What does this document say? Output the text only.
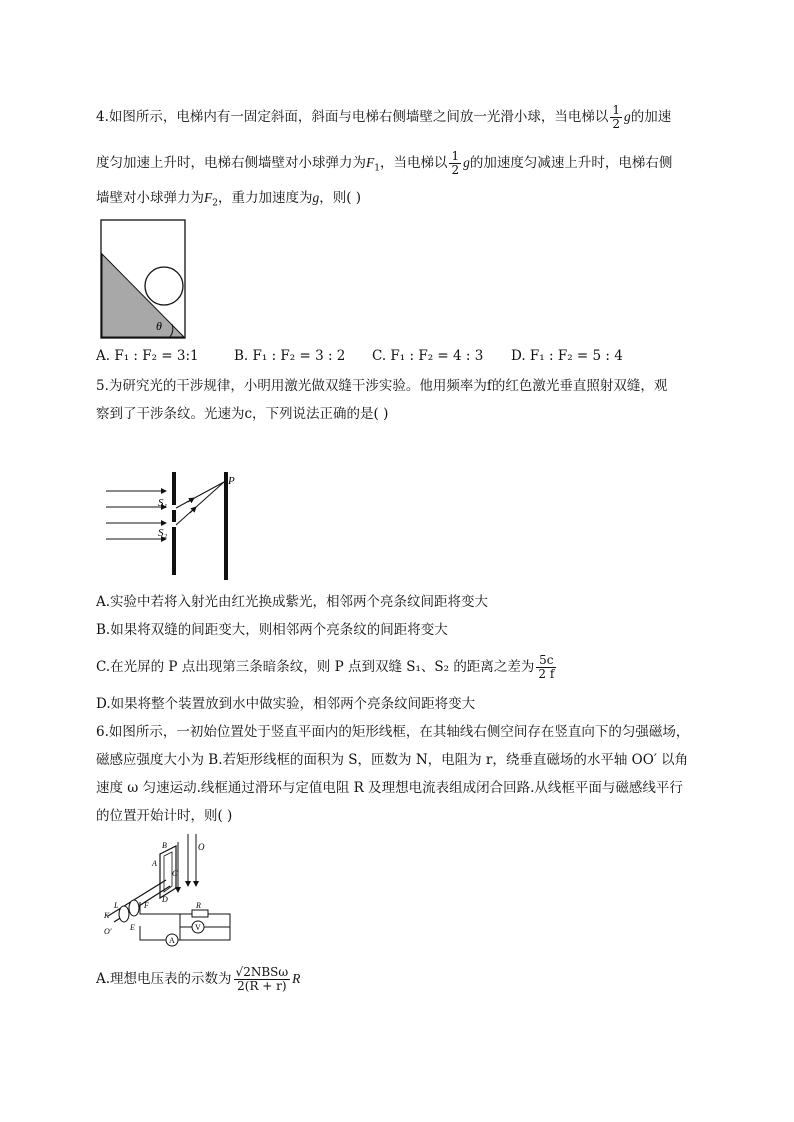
4.如图所示，电梯内有一固定斜面，斜面与电梯右侧墙壁之间放一光滑小球，当电梯以 $\frac{1}{2}$ g的加速
度匀加速上升时，电梯右侧墙壁对小球弹力为$F_1$，当电梯以 $\frac{1}{2}$ g的加速度匀减速上升时，电梯右侧
墙壁对小球弹力为$F_2$，重力加速度为g，则( )
θ
A. F₁ : F₂ = 3:1	B. F₁ : F₂ = 3 : 2 C. F₁ : F₂ = 4 : 3 D. F₁ : F₂ = 5 : 4
5.为研究光的干涉规律，小明用激光做双缝干涉实验。他用频率为f的红色激光垂直照射双缝，观
察到了干涉条纹。光速为c，下列说法正确的是( )
P
S₁
S₂
A.实验中若将入射光由红光换成紫光，相邻两个亮条纹间距将变大
B.如果将双缝的间距变大，则相邻两个亮条纹的间距将变大
C.在光屏的 P 点出现第三条暗条纹，则 P 点到双缝 S₁、S₂ 的距离之差为 $\frac{5c}{2 f}$
D.如果将整个装置放到水中做实验，相邻两个亮条纹间距将变大
6.如图所示，一初始位置处于竖直平面内的矩形线框，在其轴线右侧空间存在竖直向下的匀强磁场，
磁感应强度大小为 B.若矩形线框的面积为 S，匝数为 N，电阻为 r，绕垂直磁场的水平轴 OO′ 以角
速度 ω 匀速运动.线框通过滑环与定值电阻 R 及理想电流表组成闭合回路.从线框平面与磁感线平行
的位置开始计时，则( )
O
B
A
C
D
K
L
O′
F
E
R
V
A
A.理想电压表的示数为 $\frac{\text{√2NBSω}}{2(R + r)}$ R
